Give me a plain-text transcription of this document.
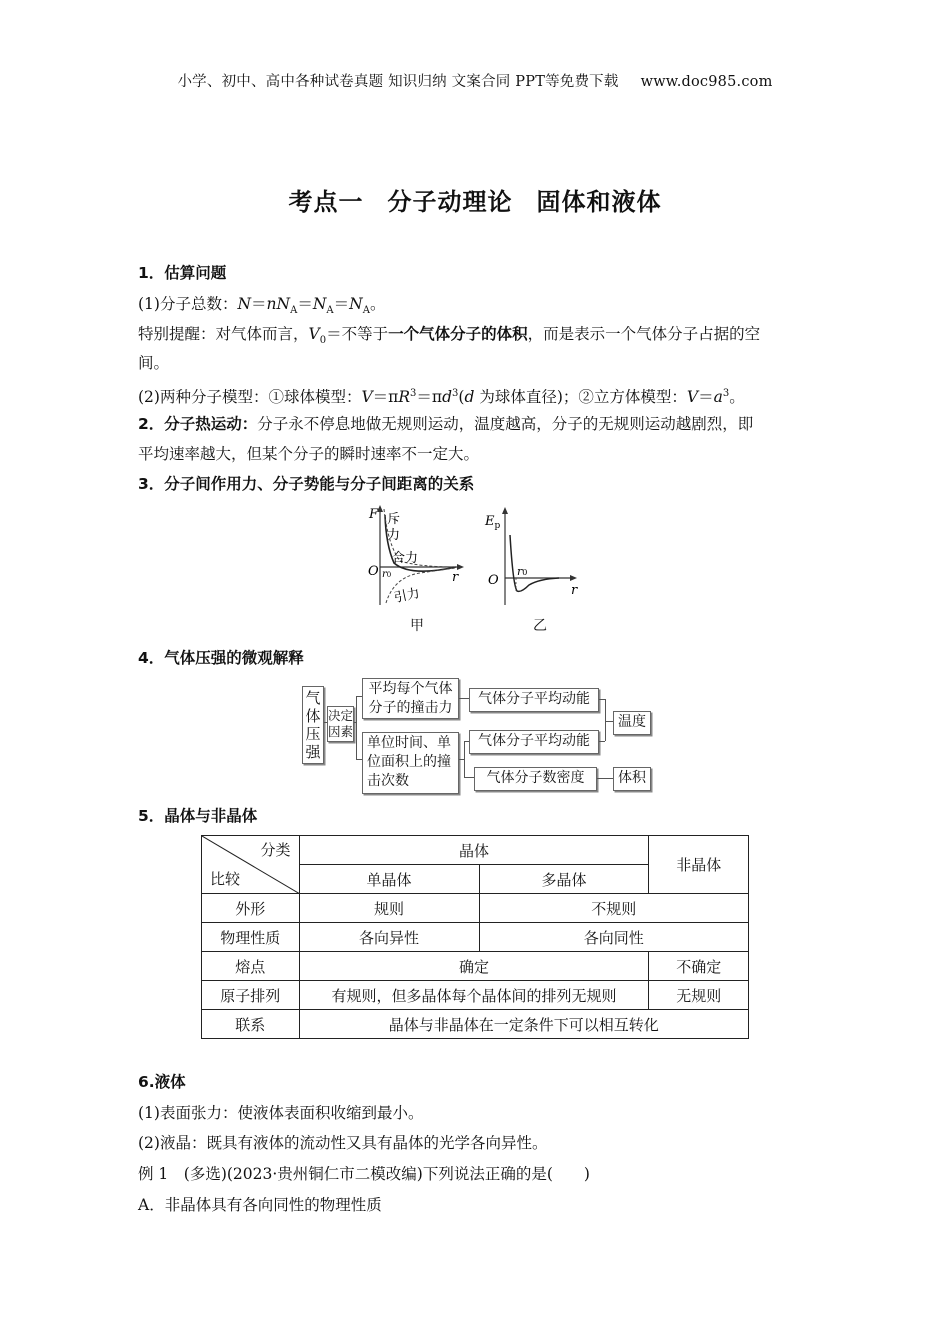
小学、初中、高中各种试卷真题 知识归纳 文案合同 PPT等免费下载 www.doc985.com
考点一 分子动理论 固体和液体
1．估算问题
(1)分子总数：$N=nN_A=N_A=N_A$。
特别提醒：对气体而言，$V_0=$不等于一个气体分子的体积，而是表示一个气体分子占据的空
间。
(2)两种分子模型：①球体模型：$V=\pi R^3=\pi d^3(d$ 为球体直径)；②立方体模型：$V=a^3$。
2．分子热运动：分子永不停息地做无规则运动，温度越高，分子的无规则运动越剧烈，即
平均速率越大，但某个分子的瞬时速率不一定大。
3．分子间作用力、分子势能与分子间距离的关系
F 斥
力
合力
O r0	r
引力
甲
$E_p$
O
r0
r
乙
4．气体压强的微观解释
气体压强
决定因素
平均每个气体分子的撞击力
单位时间、单位面积上的撞击次数
气体分子平均动能
气体分子平均动能
气体分子数密度
温度
体积
5．晶体与非晶体
分类
比较	晶体		非晶体
	单晶体	多晶体	
外形	规则	不规则	
物理性质	各向异性	各向同性	
熔点	确定		不确定
原子排列	有规则，但多晶体每个晶体间的排列无规则		无规则
联系	晶体与非晶体在一定条件下可以相互转化		
6.液体
(1)表面张力：使液体表面积收缩到最小。
(2)液晶：既具有液体的流动性又具有晶体的光学各向异性。
例 1　(多选)(2023·贵州铜仁市二模改编)下列说法正确的是(　　)
A．非晶体具有各向同性的物理性质
